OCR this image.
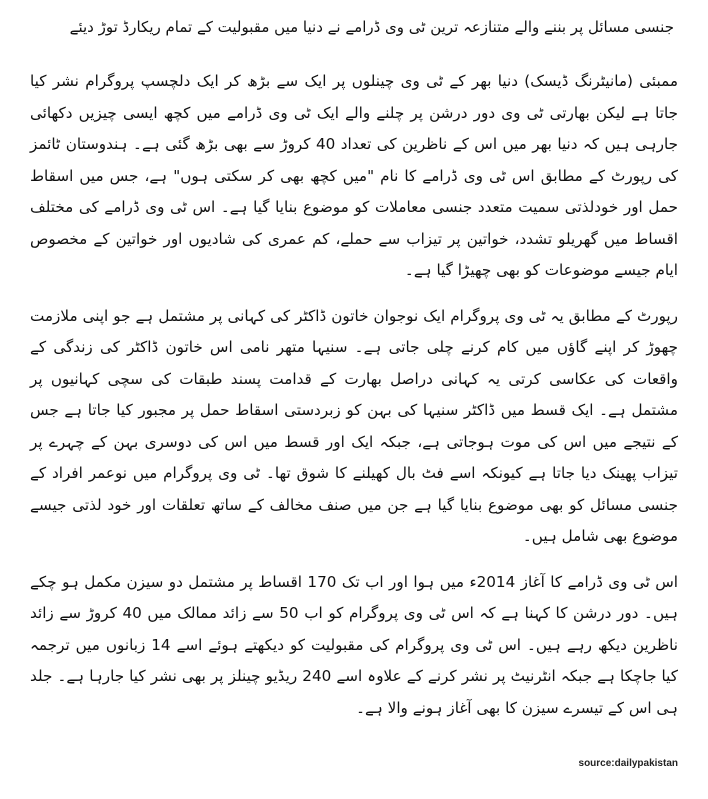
جنسی مسائل پر بننے والے متنازعہ ترین ٹی وی ڈرامے نے دنیا میں مقبولیت کے تمام ریکارڈ توڑ دیئے

ممبئی (مانیٹرنگ ڈیسک) دنیا بھر کے ٹی وی چینلوں پر ایک سے بڑھ کر ایک دلچسپ پروگرام نشر کیا جاتا ہے لیکن بھارتی ٹی وی دور درشن پر چلنے والے ایک ٹی وی ڈرامے میں کچھ ایسی چیزیں دکھائی جارہی ہیں کہ دنیا بھر میں اس کے ناظرین کی تعداد 40 کروڑ سے بھی بڑھ گئی ہے۔ ہندوستان ٹائمز کی رپورٹ کے مطابق اس ٹی وی ڈرامے کا نام "میں کچھ بھی کر سکتی ہوں" ہے، جس میں اسقاط حمل اور خودلذتی سمیت متعدد جنسی معاملات کو موضوع بنایا گیا ہے۔ اس ٹی وی ڈرامے کی مختلف اقساط میں گھریلو تشدد، خواتین پر تیزاب سے حملے، کم عمری کی شادیوں اور خواتین کے مخصوص ایام جیسے موضوعات کو بھی چھیڑا گیا ہے۔

رپورٹ کے مطابق یہ ٹی وی پروگرام ایک نوجوان خاتون ڈاکٹر کی کہانی پر مشتمل ہے جو اپنی ملازمت چھوڑ کر اپنے گاؤں میں کام کرنے چلی جاتی ہے۔ سنیہا متھر نامی اس خاتون ڈاکٹر کی زندگی کے واقعات کی عکاسی کرتی یہ کہانی دراصل بھارت کے قدامت پسند طبقات کی سچی کہانیوں پر مشتمل ہے۔ ایک قسط میں ڈاکٹر سنیہا کی بہن کو زبردستی اسقاط حمل پر مجبور کیا جاتا ہے جس کے نتیجے میں اس کی موت ہوجاتی ہے، جبکہ ایک اور قسط میں اس کی دوسری بہن کے چہرے پر تیزاب پھینک دیا جاتا ہے کیونکہ اسے فٹ بال کھیلنے کا شوق تھا۔ ٹی وی پروگرام میں نوعمر افراد کے جنسی مسائل کو بھی موضوع بنایا گیا ہے جن میں صنف مخالف کے ساتھ تعلقات اور خود لذتی جیسے موضوع بھی شامل ہیں۔

اس ٹی وی ڈرامے کا آغاز 2014ء میں ہوا اور اب تک 170 اقساط پر مشتمل دو سیزن مکمل ہو چکے ہیں۔ دور درشن کا کہنا ہے کہ اس ٹی وی پروگرام کو اب 50 سے زائد ممالک میں 40 کروڑ سے زائد ناظرین دیکھ رہے ہیں۔ اس ٹی وی پروگرام کی مقبولیت کو دیکھتے ہوئے اسے 14 زبانوں میں ترجمہ کیا جاچکا ہے جبکہ انٹرنیٹ پر نشر کرنے کے علاوہ اسے 240 ریڈیو چینلز پر بھی نشر کیا جارہا ہے۔ جلد ہی اس کے تیسرے سیزن کا بھی آغاز ہونے والا ہے۔

source:dailypakistan
